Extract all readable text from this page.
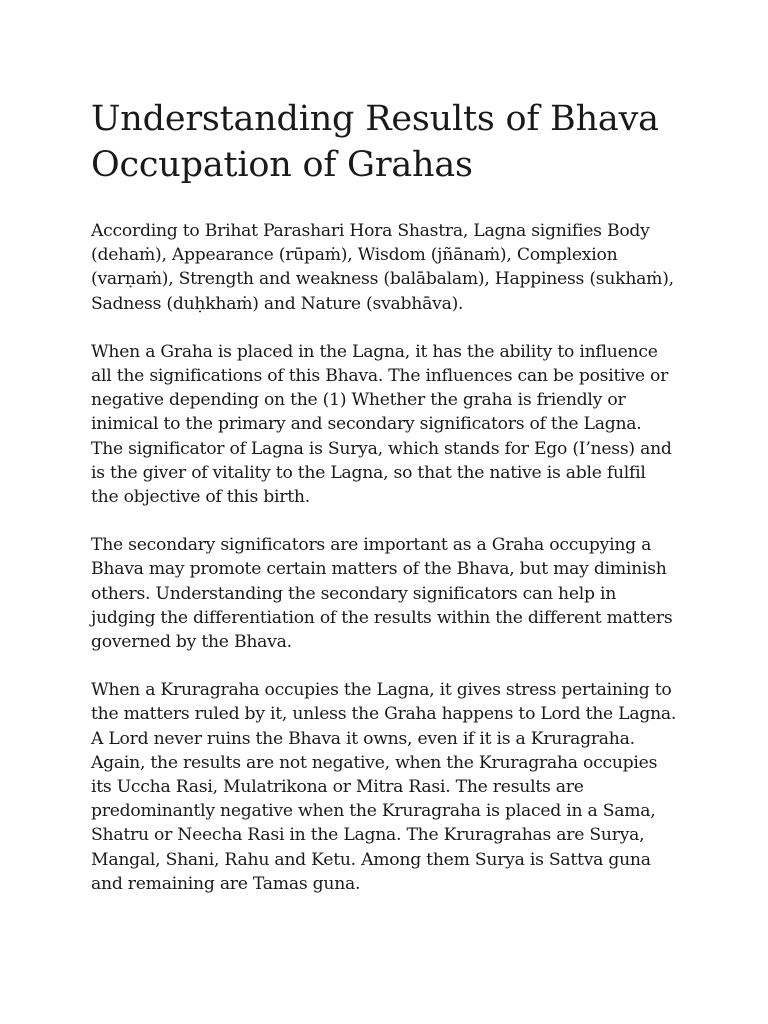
Understanding Results of Bhava Occupation of Grahas

According to Brihat Parashari Hora Shastra, Lagna signifies Body (dehaṁ), Appearance (rūpaṁ), Wisdom (jñānaṁ), Complexion (varṇaṁ), Strength and weakness (balābalam), Happiness (sukhaṁ), Sadness (duḥkhaṁ) and Nature (svabhāva).

When a Graha is placed in the Lagna, it has the ability to influence all the significations of this Bhava. The influences can be positive or negative depending on the (1) Whether the graha is friendly or inimical to the primary and secondary significators of the Lagna. The significator of Lagna is Surya, which stands for Ego (I’ness) and is the giver of vitality to the Lagna, so that the native is able fulfil the objective of this birth.

The secondary significators are important as a Graha occupying a Bhava may promote certain matters of the Bhava, but may diminish others. Understanding the secondary significators can help in judging the differentiation of the results within the different matters governed by the Bhava.

When a Kruragraha occupies the Lagna, it gives stress pertaining to the matters ruled by it, unless the Graha happens to Lord the Lagna. A Lord never ruins the Bhava it owns, even if it is a Kruragraha. Again, the results are not negative, when the Kruragraha occupies its Uccha Rasi, Mulatrikona or Mitra Rasi. The results are predominantly negative when the Kruragraha is placed in a Sama, Shatru or Neecha Rasi in the Lagna. The Kruragrahas are Surya, Mangal, Shani, Rahu and Ketu. Among them Surya is Sattva guna and remaining are Tamas guna.
